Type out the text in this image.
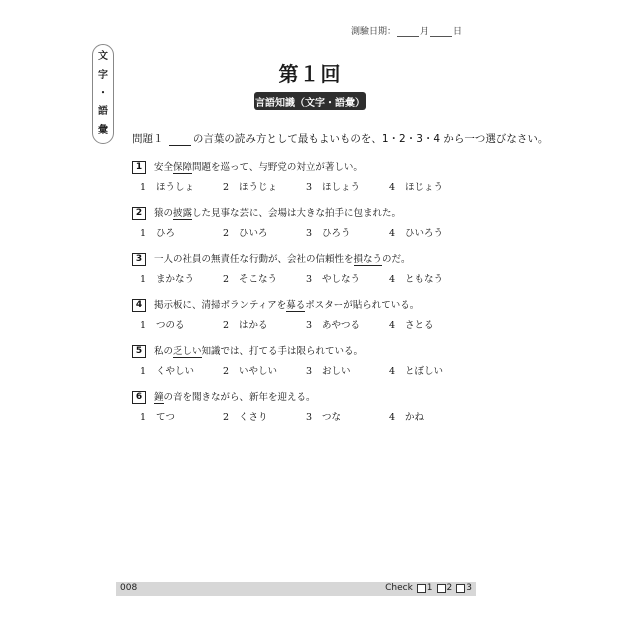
測驗日期：	月	日
文
字
・
語
彙
第１回
言語知識（文字・語彙）
問題１	の言葉の読み方として最もよいものを、1・2・3・4 から一つ選びなさい。
1 安全保障問題を巡って、与野党の対立が著しい。
1 ほうしょ	2 ほうじょ	3 ほしょう	4 ほじょう
2 猿の披露した見事な芸に、会場は大きな拍手に包まれた。
1 ひろ	2 ひいろ	3 ひろう	4 ひいろう
3 一人の社員の無責任な行動が、会社の信頼性を損なうのだ。
1 まかなう	2 そこなう	3 やしなう	4 ともなう
4 掲示板に、清掃ボランティアを募るポスターが貼られている。
1 つのる	2 はかる	3 あやつる	4 さとる
5 私の乏しい知識では、打てる手は限られている。
1 くやしい	2 いやしい	3 おしい	4 とぼしい
6 鐘の音を聞きながら、新年を迎える。
1 てつ	2 くさり	3 つな	4 かね
008	Check 1 2 3
